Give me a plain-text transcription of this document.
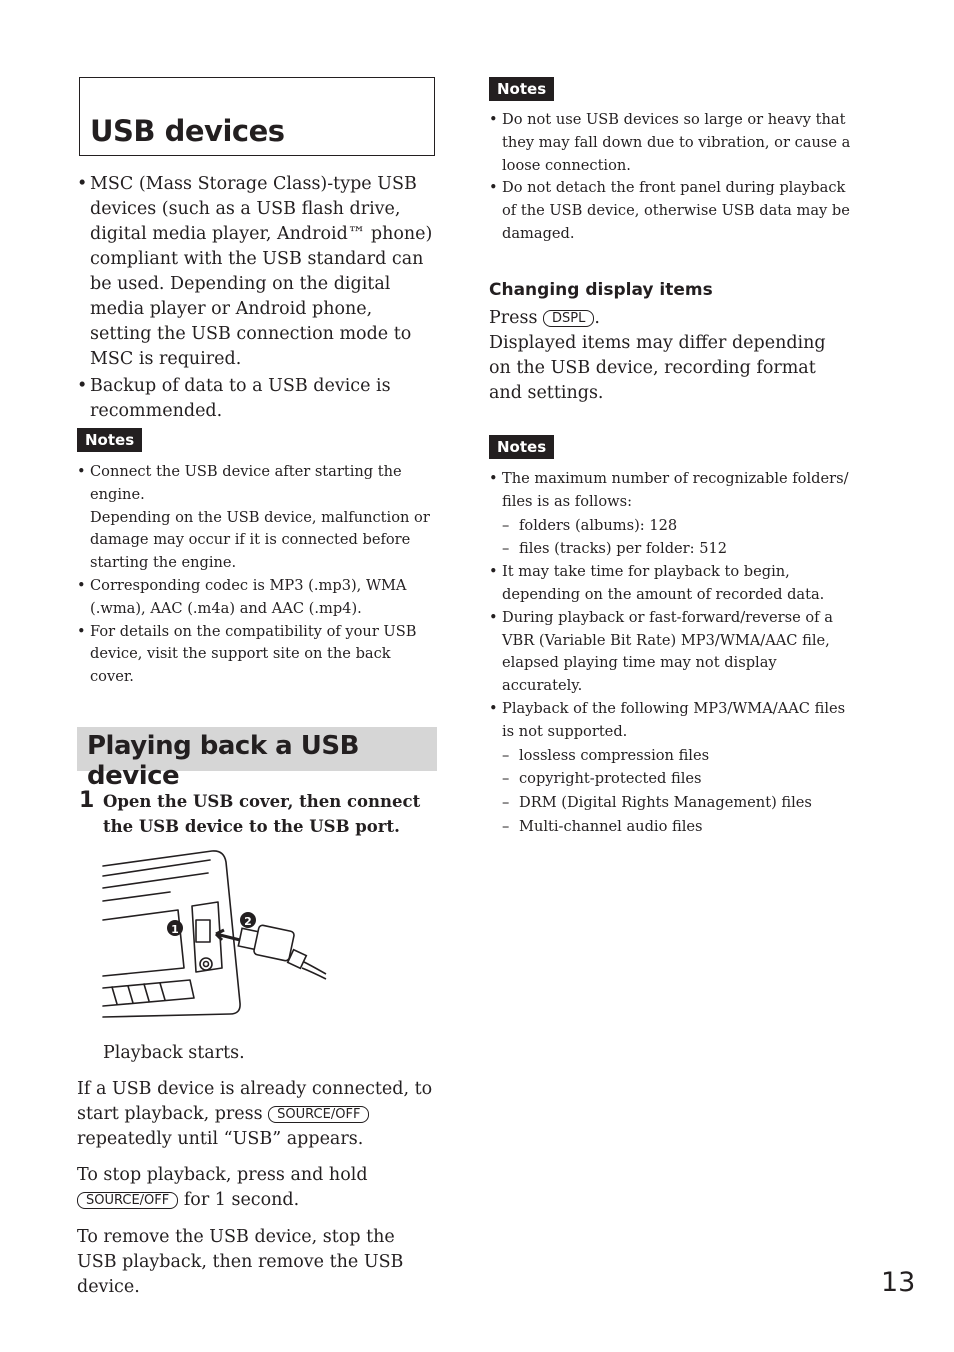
USB devices
• MSC (Mass Storage Class)-type USB devices (such as a USB flash drive, digital media player, Android™ phone) compliant with the USB standard can be used. Depending on the digital media player or Android phone, setting the USB connection mode to MSC is required.
• Backup of data to a USB device is recommended.
Notes

• Connect the USB device after starting the engine.

Depending on the USB device, malfunction or damage may occur if it is connected before starting the engine.

• Corresponding codec is MP3 (.mp3), WMA (.wma), AAC (.m4a) and AAC (.mp4).
• For details on the compatibility of your USB device, visit the support site on the back cover.
Playing back a USB device
1 Open the USB cover, then connect the USB device to the USB port.
1
2
Playback starts.
If a USB device is already connected, to start playback, press SOURCE/OFF repeatedly until “USB” appears.
To stop playback, press and hold
SOURCE/OFF for 1 second.
To remove the USB device, stop the USB playback, then remove the USB device.
Notes
• Do not use USB devices so large or heavy that they may fall down due to vibration, or cause a loose connection.
• Do not detach the front panel during playback of the USB device, otherwise USB data may be damaged.
Changing display items

Press DSPL .

Displayed items may differ depending on the USB device, recording format and settings.

Notes

• The maximum number of recognizable folders/ files is as follows:

– folders (albums): 128

– files (tracks) per folder: 512

• It may take time for playback to begin, depending on the amount of recorded data.
• During playback or fast-forward/reverse of a VBR (Variable Bit Rate) MP3/WMA/AAC file, elapsed playing time may not display accurately.

• Playback of the following MP3/WMA/AAC files is not supported.

– lossless compression files

– copyright-protected files

– DRM (Digital Rights Management) files

– Multi-channel audio files

13
